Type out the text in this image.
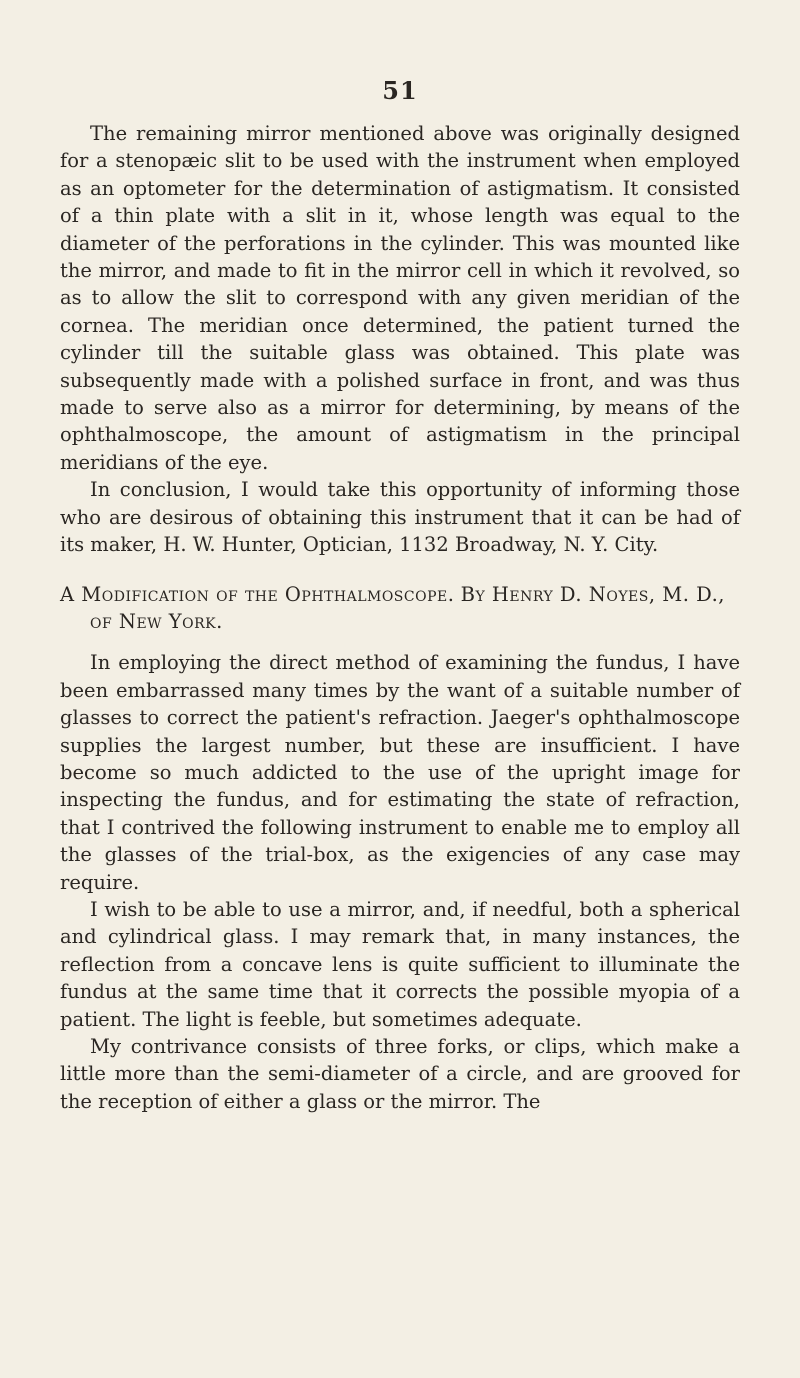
51

The remaining mirror mentioned above was originally designed for a stenopæic slit to be used with the instrument when employed as an optometer for the determination of astigmatism. It consisted of a thin plate with a slit in it, whose length was equal to the diameter of the perforations in the cylinder. This was mounted like the mirror, and made to fit in the mirror cell in which it revolved, so as to allow the slit to correspond with any given meridian of the cornea. The meridian once determined, the patient turned the cylinder till the suitable glass was obtained. This plate was subsequently made with a polished surface in front, and was thus made to serve also as a mirror for determining, by means of the ophthalmoscope, the amount of astigmatism in the principal meridians of the eye.

In conclusion, I would take this opportunity of informing those who are desirous of obtaining this instrument that it can be had of its maker, H. W. Hunter, Optician, 1132 Broadway, N. Y. City.

A Modification of the Ophthalmoscope. By Henry D. Noyes, M. D., of New York.

In employing the direct method of examining the fundus, I have been embarrassed many times by the want of a suitable number of glasses to correct the patient's refraction. Jaeger's ophthalmoscope supplies the largest number, but these are insufficient. I have become so much addicted to the use of the upright image for inspecting the fundus, and for estimating the state of refraction, that I contrived the following instrument to enable me to employ all the glasses of the trial-box, as the exigencies of any case may require.

I wish to be able to use a mirror, and, if needful, both a spherical and cylindrical glass. I may remark that, in many instances, the reflection from a concave lens is quite sufficient to illuminate the fundus at the same time that it corrects the possible myopia of a patient. The light is feeble, but sometimes adequate.

My contrivance consists of three forks, or clips, which make a little more than the semi-diameter of a circle, and are grooved for the reception of either a glass or the mirror. The
